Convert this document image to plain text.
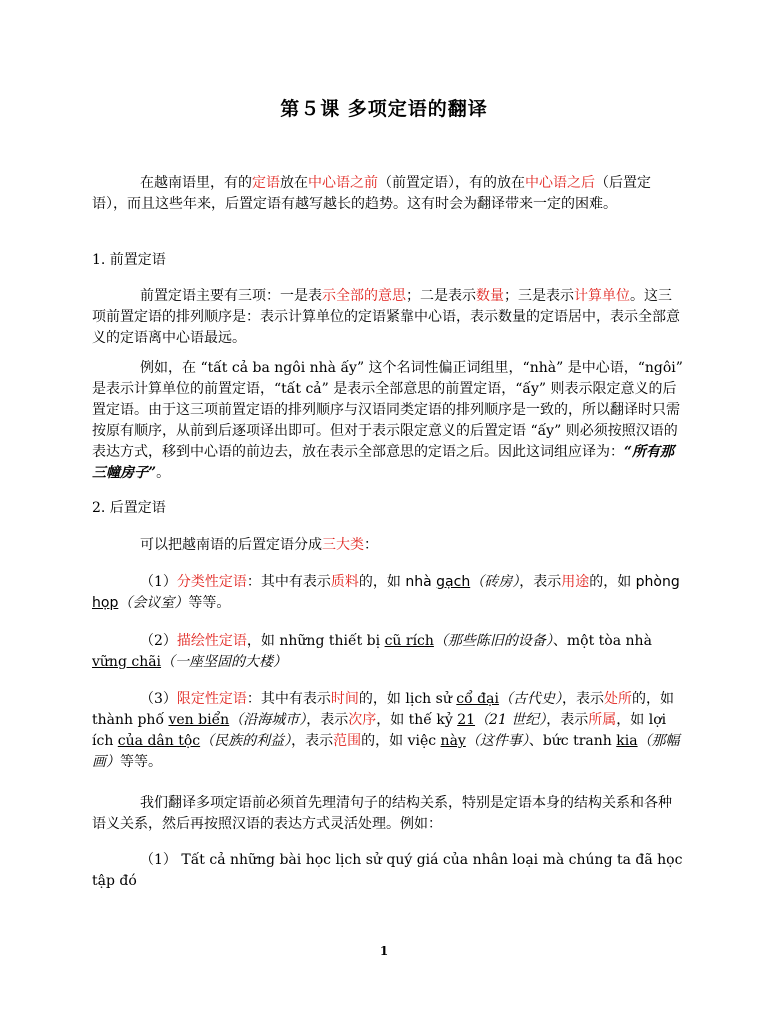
第５课 多项定语的翻译
在越南语里，有的定语放在中心语之前（前置定语），有的放在中心语之后（后置定语），而且这些年来，后置定语有越写越长的趋势。这有时会为翻译带来一定的困难。
1. 前置定语
前置定语主要有三项：一是表示全部的意思；二是表示数量；三是表示计算单位。这三项前置定语的排列顺序是：表示计算单位的定语紧靠中心语，表示数量的定语居中，表示全部意义的定语离中心语最远。
例如，在 “tất cả ba ngôi nhà ấy” 这个名词性偏正词组里，“nhà” 是中心语，“ngôi” 是表示计算单位的前置定语，“tất cả” 是表示全部意思的前置定语，“ấy” 则表示限定意义的后置定语。由于这三项前置定语的排列顺序与汉语同类定语的排列顺序是一致的，所以翻译时只需按原有顺序，从前到后逐项译出即可。但对于表示限定意义的后置定语 “ấy” 则必须按照汉语的表达方式，移到中心语的前边去，放在表示全部意思的定语之后。因此这词组应译为：“所有那三幢房子”。
2. 后置定语
可以把越南语的后置定语分成三大类：
（1）分类性定语：其中有表示质料的，如 nhà gạch（砖房），表示用途的，如 phòng họp（会议室）等等。
（2）描绘性定语，如 những thiết bị cũ rích（那些陈旧的设备）、một tòa nhà vững chãi（一座坚固的大楼）
（3）限定性定语：其中有表示时间的，如 lịch sử cổ đại（古代史），表示处所的，如 thành phố ven biển（沿海城市），表示次序，如 thế kỷ 21（21 世纪），表示所属，如 lợi ích của dân tộc（民族的利益），表示范围的，如 việc này（这件事）、bức tranh kia（那幅画）等等。
我们翻译多项定语前必须首先理清句子的结构关系，特别是定语本身的结构关系和各种语义关系，然后再按照汉语的表达方式灵活处理。例如：
（1） Tất cả những bài học lịch sử quý giá của nhân loại mà chúng ta đã học tập đó
1
